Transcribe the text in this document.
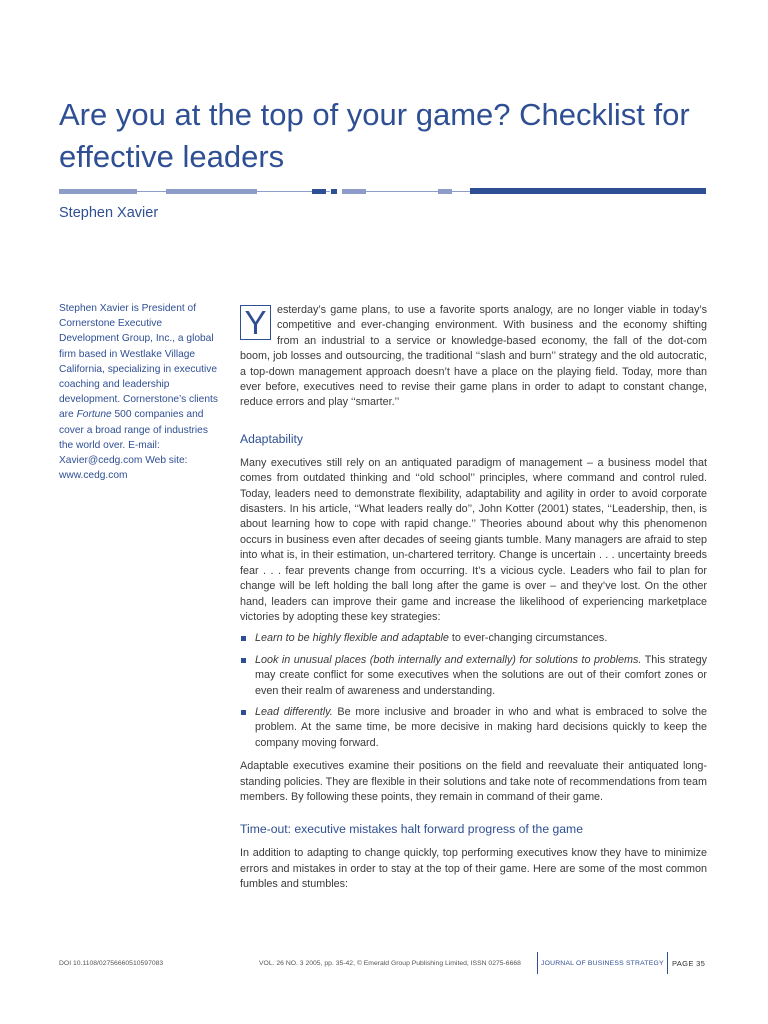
Are you at the top of your game? Checklist for effective leaders
Stephen Xavier
Stephen Xavier is President of Cornerstone Executive Development Group, Inc., a global firm based in Westlake Village California, specializing in executive coaching and leadership development. Cornerstone’s clients are Fortune 500 companies and cover a broad range of industries the world over. E-mail: Xavier@cedg.com Web site: www.cedg.com

Y esterday’s game plans, to use a favorite sports analogy, are no longer viable in today’s competitive and ever-changing environment. With business and the economy shifting from an industrial to a service or knowledge-based economy, the fall of the dot-com boom, job losses and outsourcing, the traditional ‘‘slash and burn’’ strategy and the old autocratic, a top-down management approach doesn’t have a place on the playing field. Today, more than ever before, executives need to revise their game plans in order to adapt to constant change, reduce errors and play ‘‘smarter.’’

Adaptability

Many executives still rely on an antiquated paradigm of management – a business model that comes from outdated thinking and ‘‘old school’’ principles, where command and control ruled. Today, leaders need to demonstrate flexibility, adaptability and agility in order to avoid corporate disasters. In his article, ‘‘What leaders really do’’, John Kotter (2001) states, ‘‘Leadership, then, is about learning how to cope with rapid change.’’ Theories abound about why this phenomenon occurs in business even after decades of seeing giants tumble. Many managers are afraid to step into what is, in their estimation, un-chartered territory. Change is uncertain . . . uncertainty breeds fear . . . fear prevents change from occurring. It’s a vicious cycle. Leaders who fail to plan for change will be left holding the ball long after the game is over – and they’ve lost. On the other hand, leaders can improve their game and increase the likelihood of experiencing marketplace victories by adopting these key strategies:

Learn to be highly flexible and adaptable to ever-changing circumstances.
Look in unusual places (both internally and externally) for solutions to problems. This strategy may create conflict for some executives when the solutions are out of their comfort zones or even their realm of awareness and understanding.
Lead differently. Be more inclusive and broader in who and what is embraced to solve the problem. At the same time, be more decisive in making hard decisions quickly to keep the company moving forward.

Adaptable executives examine their positions on the field and reevaluate their antiquated long-standing policies. They are flexible in their solutions and take note of recommendations from team members. By following these points, they remain in command of their game.

Time-out: executive mistakes halt forward progress of the game

In addition to adapting to change quickly, top performing executives know they have to minimize errors and mistakes in order to stay at the top of their game. Here are some of the most common fumbles and stumbles:

DOI 10.1108/02756660510597083	VOL. 26 NO. 3 2005, pp. 35-42, © Emerald Group Publishing Limited, ISSN 0275-6668	JOURNAL OF BUSINESS STRATEGY PAGE 35
